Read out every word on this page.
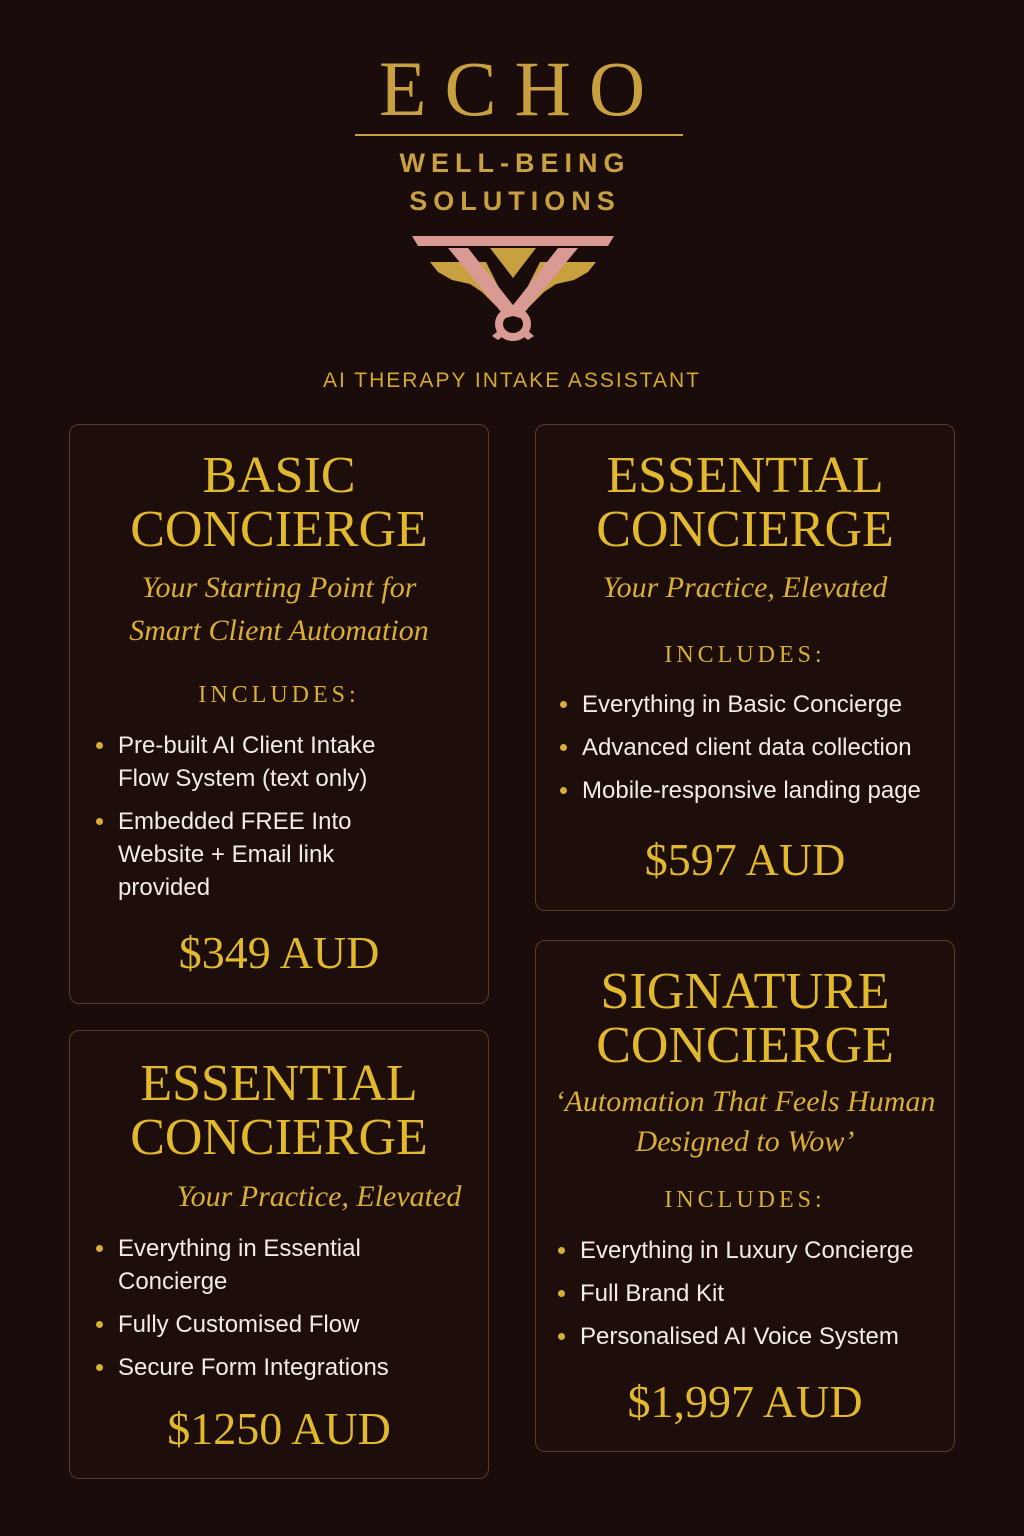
ECHO
WELL-BEING
SOLUTIONS
AI THERAPY INTAKE ASSISTANT
BASIC
CONCIERGE
Your Starting Point for
Smart Client Automation
INCLUDES:
Pre-built AI Client Intake
Flow System (text only)
Embedded FREE Into
Website + Email link
provided
$349 AUD
ESSENTIAL
CONCIERGE
Your Practice, Elevated
INCLUDES:
Everything in Basic Concierge
Advanced client data collection
Mobile-responsive landing page
$597 AUD
ESSENTIAL
CONCIERGE
Your Practice, Elevated
Everything in Essential
Concierge
Fully Customised Flow
Secure Form Integrations
$1250 AUD
SIGNATURE
CONCIERGE
‘Automation That Feels Human
Designed to Wow’
INCLUDES:
Everything in Luxury Concierge
Full Brand Kit
Personalised AI Voice System
$1,997 AUD
